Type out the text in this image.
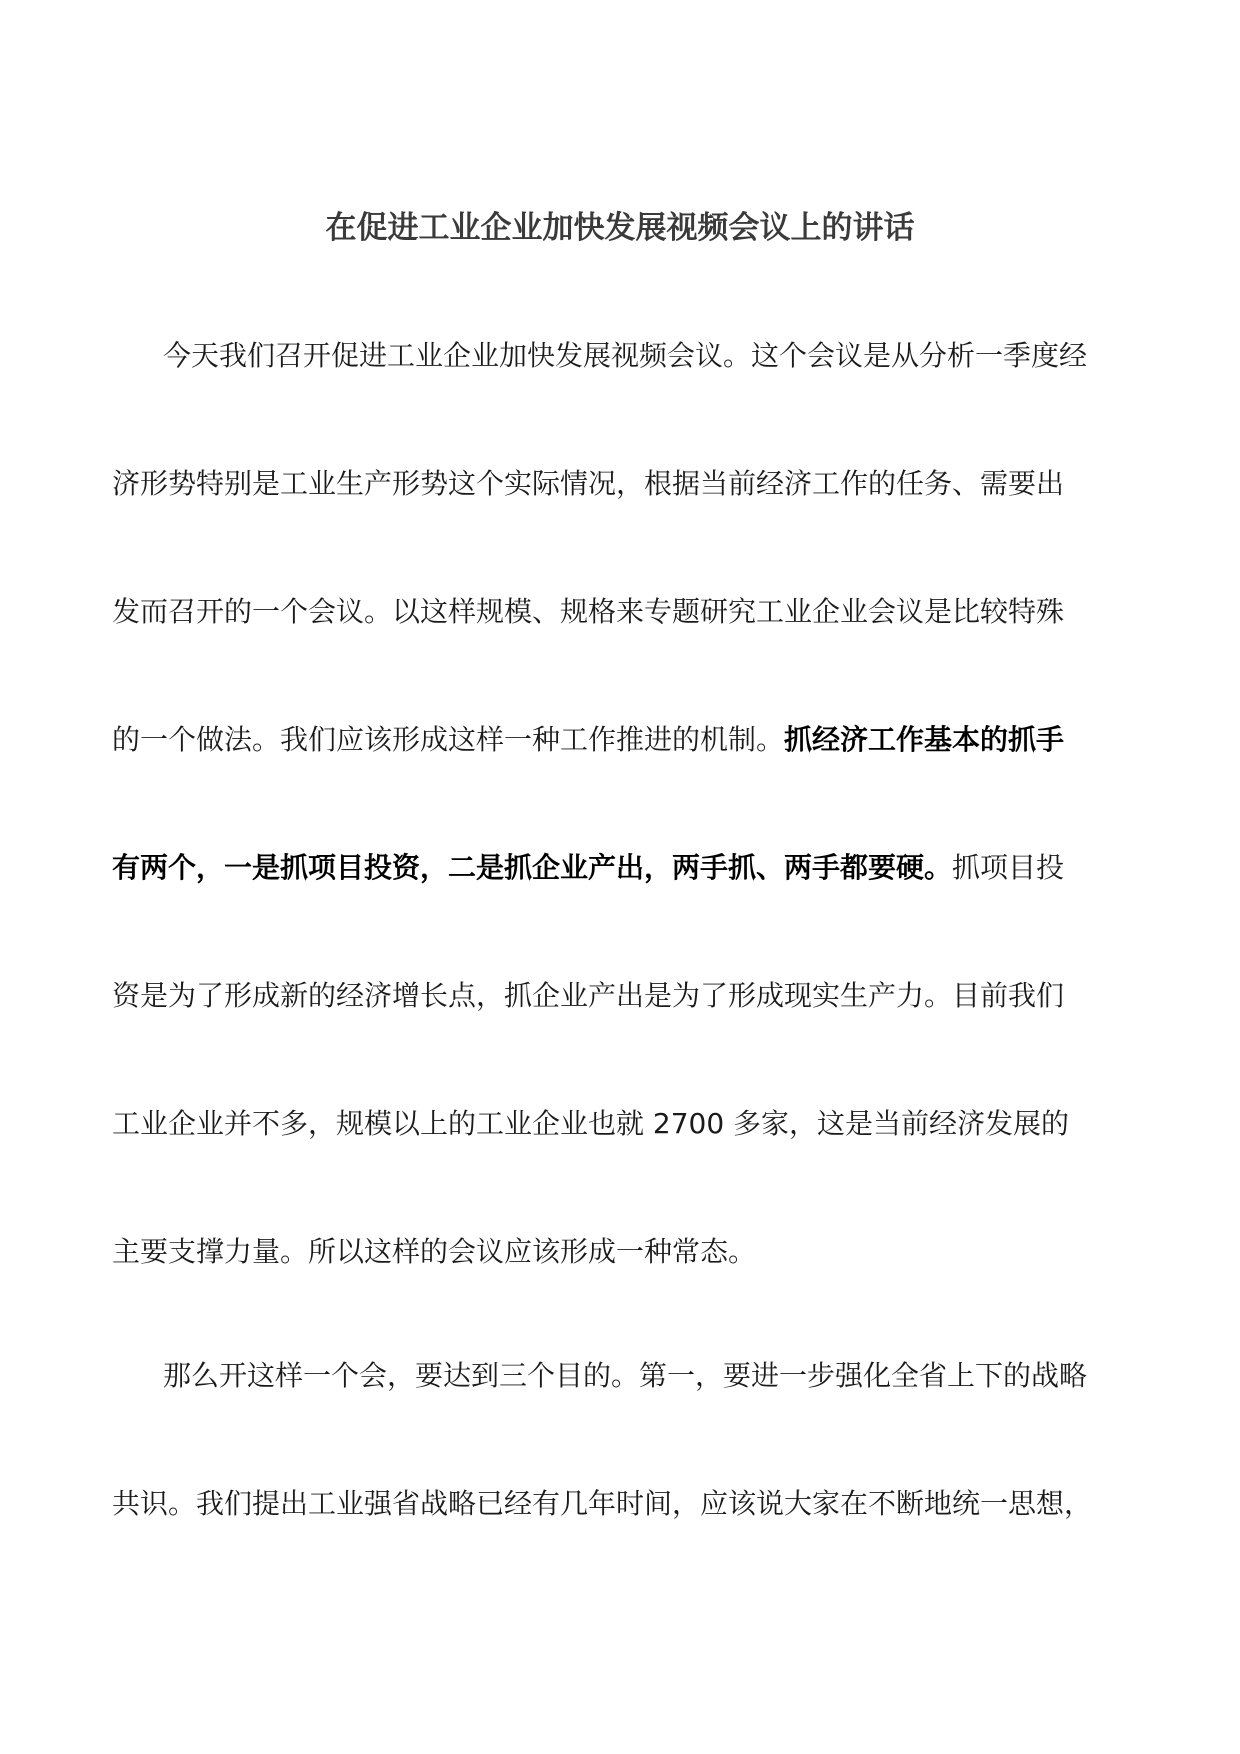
在促进工业企业加快发展视频会议上的讲话

今天我们召开促进工业企业加快发展视频会议。这个会议是从分析一季度经

济形势特别是工业生产形势这个实际情况，根据当前经济工作的任务、需要出

发而召开的一个会议。以这样规模、规格来专题研究工业企业会议是比较特殊

的一个做法。我们应该形成这样一种工作推进的机制。抓经济工作基本的抓手

有两个，一是抓项目投资，二是抓企业产出，两手抓、两手都要硬。抓项目投

资是为了形成新的经济增长点，抓企业产出是为了形成现实生产力。目前我们

工业企业并不多，规模以上的工业企业也就 2700 多家，这是当前经济发展的

主要支撑力量。所以这样的会议应该形成一种常态。

那么开这样一个会，要达到三个目的。第一，要进一步强化全省上下的战略

共识。我们提出工业强省战略已经有几年时间，应该说大家在不断地统一思想，
